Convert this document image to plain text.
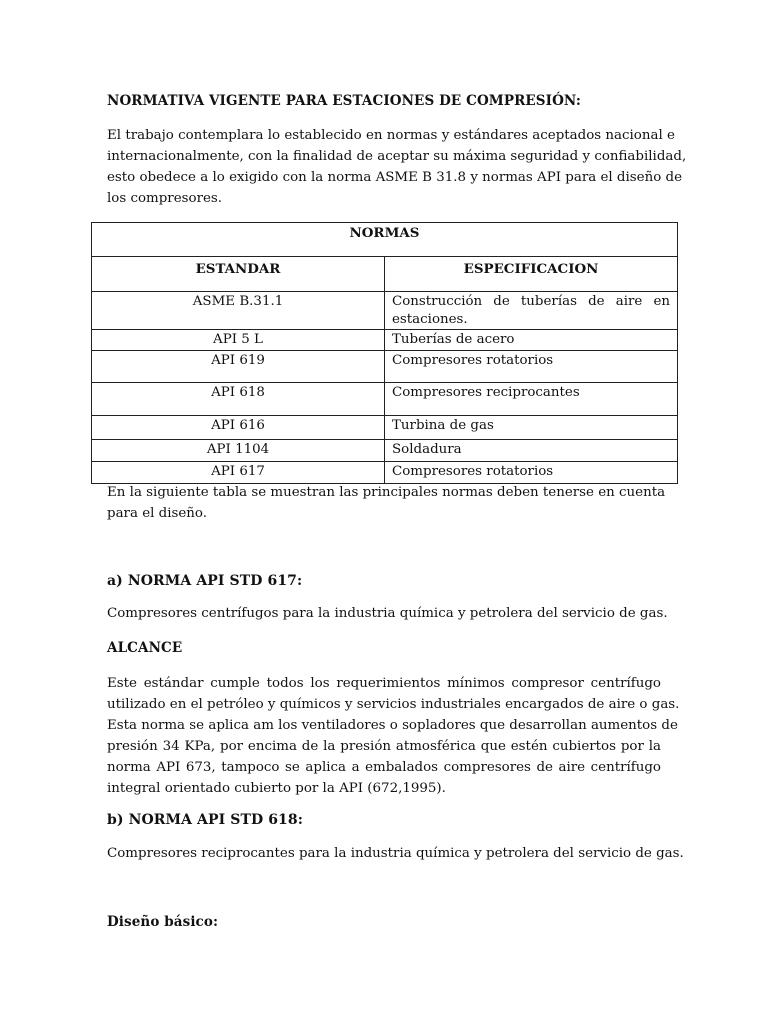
NORMATIVA VIGENTE PARA ESTACIONES DE COMPRESIÓN:
El trabajo contemplara lo establecido en normas y estándares aceptados nacional e
internacionalmente, con la finalidad de aceptar su máxima seguridad y confiabilidad,
esto obedece a lo exigido con la norma ASME B 31.8 y normas API para el diseño de
los compresores.
NORMAS	
ESTANDAR	ESPECIFICACION
ASME B.31.1	Construcción de tuberías de aire en estaciones.

API 5 L	Tuberías de acero
API 619	Compresores rotatorios
API 618	Compresores reciprocantes
API 616	Turbina de gas
API 1104	Soldadura
API 617	Compresores rotatorios
En la siguiente tabla se muestran las principales normas deben tenerse en cuenta
para el diseño.
a) NORMA API STD 617:
Compresores centrífugos para la industria química y petrolera del servicio de gas.
ALCANCE
Este estándar cumple todos los requerimientos mínimos compresor centrífugo
utilizado en el petróleo y químicos y servicios industriales encargados de aire o gas.
Esta norma se aplica am los ventiladores o sopladores que desarrollan aumentos de
presión 34 KPa, por encima de la presión atmosférica que estén cubiertos por la
norma API 673, tampoco se aplica a embalados compresores de aire centrífugo
integral orientado cubierto por la API (672,1995).
b) NORMA API STD 618:
Compresores reciprocantes para la industria química y petrolera del servicio de gas.
Diseño básico:
